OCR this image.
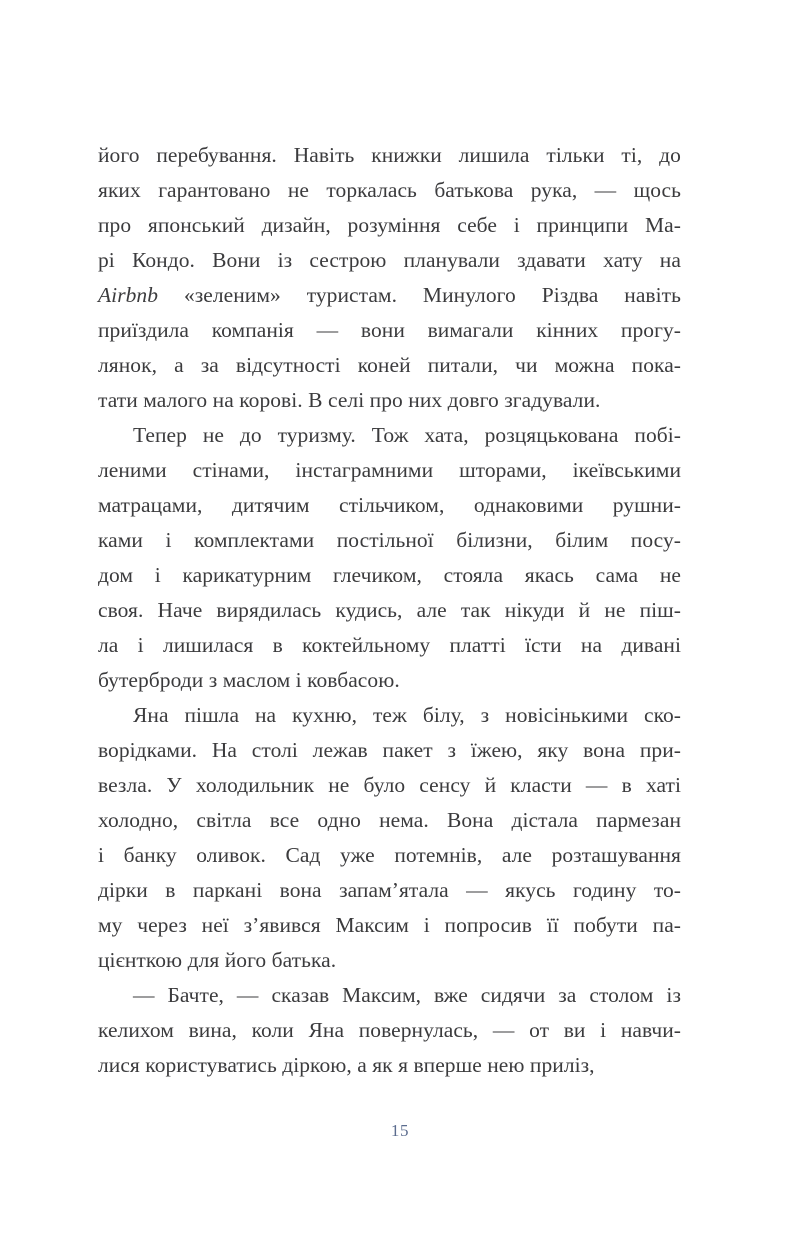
його перебування. Навіть книжки лишила тільки ті, до
яких гарантовано не торкалась батькова рука, — щось
про японський дизайн, розуміння себе і принципи Ма-
рі Кондо. Вони із сестрою планували здавати хату на
Airbnb «зеленим» туристам. Минулого Різдва навіть
приїздила компанія — вони вимагали кінних прогу-
лянок, а за відсутності коней питали, чи можна пока-
тати малого на корові. В селі про них довго згадували.

Тепер не до туризму. Тож хата, розцяцькована побі-
леними стінами, інстаграмними шторами, ікеївськими
матрацами, дитячим стільчиком, однаковими рушни-
ками і комплектами постільної білизни, білим посу-
дом і карикатурним глечиком, стояла якась сама не
своя. Наче вирядилась кудись, але так нікуди й не піш-
ла і лишилася в коктейльному платті їсти на дивані
бутерброди з маслом і ковбасою.

Яна пішла на кухню, теж білу, з новісінькими ско-
ворідками. На столі лежав пакет з їжею, яку вона при-
везла. У холодильник не було сенсу й класти — в хаті
холодно, світла все одно нема. Вона дістала пармезан
і банку оливок. Сад уже потемнів, але розташування
дірки в паркані вона запамʼятала — якусь годину то-
му через неї зʼявився Максим і попросив її побути па-
цієнткою для його батька.

— Бачте, — сказав Максим, вже сидячи за столом із
келихом вина, коли Яна повернулась, — от ви і навчи-
лися користуватись діркою, а як я вперше нею приліз,

15
